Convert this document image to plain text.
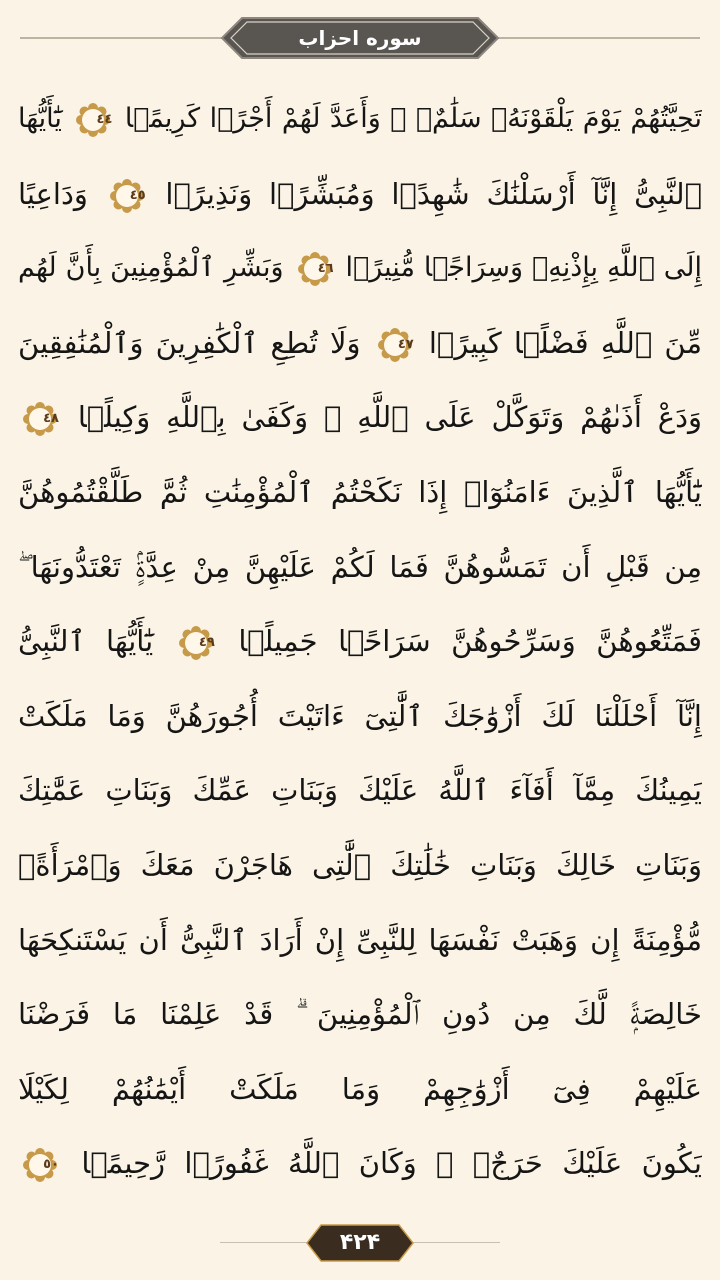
سوره احزاب
تَحِيَّتُهُمْ يَوْمَ يَلْقَوْنَهُۥ سَلَٰمٌۭ ۚ وَأَعَدَّ لَهُمْ أَجْرًۭا كَرِيمًۭا
٤٤
يَٰٓأَيُّهَا
ٱلنَّبِىُّ إِنَّآ أَرْسَلْنَٰكَ شَٰهِدًۭا وَمُبَشِّرًۭا وَنَذِيرًۭا
٤٥
وَدَاعِيًا
إِلَى ٱللَّهِ بِإِذْنِهِۦ وَسِرَاجًۭا مُّنِيرًۭا
٤٦
وَبَشِّرِ ٱلْمُؤْمِنِينَ بِأَنَّ لَهُم
مِّنَ ٱللَّهِ فَضْلًۭا كَبِيرًۭا
٤٧
وَلَا تُطِعِ ٱلْكَٰفِرِينَ وَٱلْمُنَٰفِقِينَ
وَدَعْ أَذَىٰهُمْ وَتَوَكَّلْ عَلَى ٱللَّهِ ۚ وَكَفَىٰ بِٱللَّهِ وَكِيلًۭا
٤٨
يَٰٓأَيُّهَا ٱلَّذِينَ ءَامَنُوٓا۟ إِذَا نَكَحْتُمُ ٱلْمُؤْمِنَٰتِ ثُمَّ طَلَّقْتُمُوهُنَّ
مِن قَبْلِ أَن تَمَسُّوهُنَّ فَمَا لَكُمْ عَلَيْهِنَّ مِنْ عِدَّةٍۢ تَعْتَدُّونَهَا ۖ
فَمَتِّعُوهُنَّ وَسَرِّحُوهُنَّ سَرَاحًۭا جَمِيلًۭا
٤٩
يَٰٓأَيُّهَا ٱلنَّبِىُّ
إِنَّآ أَحْلَلْنَا لَكَ أَزْوَٰجَكَ ٱلَّٰتِىٓ ءَاتَيْتَ أُجُورَهُنَّ وَمَا مَلَكَتْ
يَمِينُكَ مِمَّآ أَفَآءَ ٱللَّهُ عَلَيْكَ وَبَنَاتِ عَمِّكَ وَبَنَاتِ عَمَّٰتِكَ
وَبَنَاتِ خَالِكَ وَبَنَاتِ خَٰلَٰتِكَ ٱلَّٰتِى هَاجَرْنَ مَعَكَ وَٱمْرَأَةًۭ
مُّؤْمِنَةً إِن وَهَبَتْ نَفْسَهَا لِلنَّبِىِّ إِنْ أَرَادَ ٱلنَّبِىُّ أَن يَسْتَنكِحَهَا
خَالِصَةًۭ لَّكَ مِن دُونِ ٱلْمُؤْمِنِينَ ۗ قَدْ عَلِمْنَا مَا فَرَضْنَا
عَلَيْهِمْ فِىٓ أَزْوَٰجِهِمْ وَمَا مَلَكَتْ أَيْمَٰنُهُمْ لِكَيْلَا
يَكُونَ عَلَيْكَ حَرَجٌۭ ۗ وَكَانَ ٱللَّهُ غَفُورًۭا رَّحِيمًۭا
٥٠
۴۲۴
